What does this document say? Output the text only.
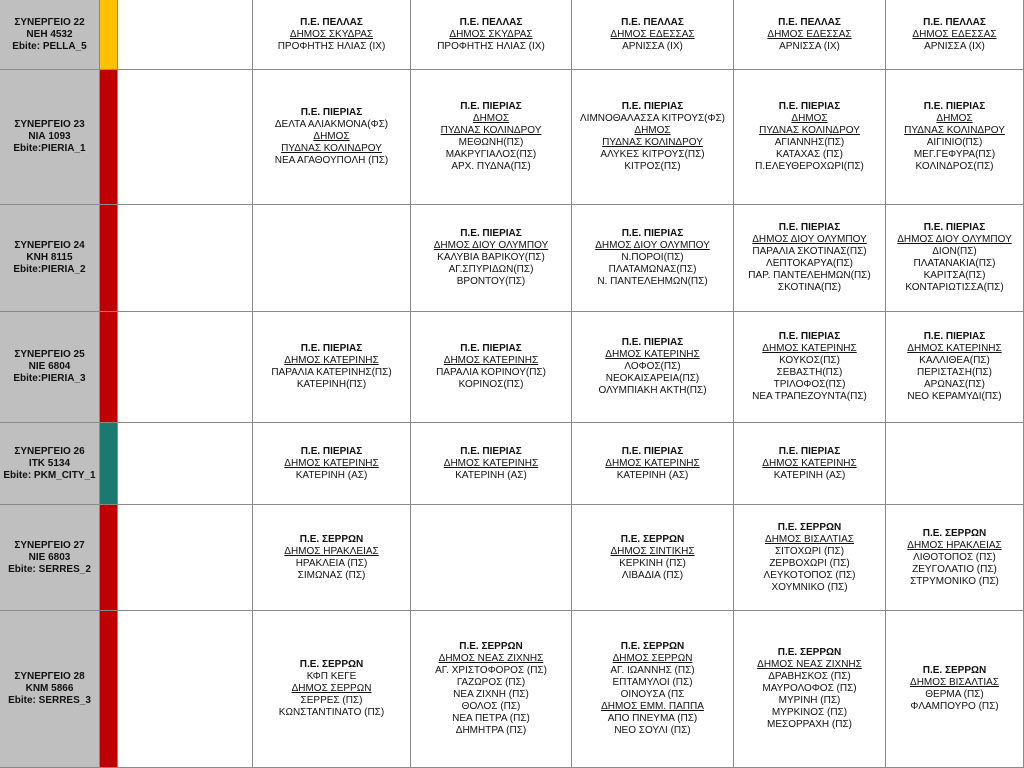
ΣΥΝΕΡΓΕΙΟ 22
ΝΕΗ 4532
Ebite: PELLA_5
Π.Ε. ΠΕΛΛΑΣ
ΔΗΜΟΣ ΣΚΥΔΡΑΣ
ΠΡΟΦΗΤΗΣ ΗΛΙΑΣ (ΙΧ)
Π.Ε. ΠΕΛΛΑΣ
ΔΗΜΟΣ ΣΚΥΔΡΑΣ
ΠΡΟΦΗΤΗΣ ΗΛΙΑΣ (ΙΧ)
Π.Ε. ΠΕΛΛΑΣ
ΔΗΜΟΣ ΕΔΕΣΣΑΣ
ΑΡΝΙΣΣΑ (ΙΧ)
Π.Ε. ΠΕΛΛΑΣ
ΔΗΜΟΣ ΕΔΕΣΣΑΣ
ΑΡΝΙΣΣΑ (ΙΧ)
Π.Ε. ΠΕΛΛΑΣ
ΔΗΜΟΣ ΕΔΕΣΣΑΣ
ΑΡΝΙΣΣΑ (ΙΧ)
ΣΥΝΕΡΓΕΙΟ 23
ΝΙΑ 1093
Ebite:PIERIA_1
Π.Ε. ΠΙΕΡΙΑΣ
ΔΕΛΤΑ ΑΛΙΑΚΜΟΝΑ(ΦΣ)
ΔΗΜΟΣ
ΠΥΔΝΑΣ ΚΟΛΙΝΔΡΟΥ
ΝΕΑ ΑΓΑΘΟΥΠΟΛΗ (ΠΣ)
Π.Ε. ΠΙΕΡΙΑΣ
ΔΗΜΟΣ
ΠΥΔΝΑΣ ΚΟΛΙΝΔΡΟΥ
ΜΕΘΩΝΗ(ΠΣ)
ΜΑΚΡΥΓΙΑΛΟΣ(ΠΣ)
ΑΡΧ. ΠΥΔΝΑ(ΠΣ)
Π.Ε. ΠΙΕΡΙΑΣ
ΛΙΜΝΟΘΑΛΑΣΣΑ ΚΙΤΡΟΥΣ(ΦΣ)
ΔΗΜΟΣ
ΠΥΔΝΑΣ ΚΟΛΙΝΔΡΟΥ
ΑΛΥΚΕΣ ΚΙΤΡΟΥΣ(ΠΣ)
ΚΙΤΡΟΣ(ΠΣ)
Π.Ε. ΠΙΕΡΙΑΣ
ΔΗΜΟΣ
ΠΥΔΝΑΣ ΚΟΛΙΝΔΡΟΥ
ΑΓΙΑΝΝΗΣ(ΠΣ)
ΚΑΤΑΧΑΣ (ΠΣ)
Π.ΕΛΕΥΘΕΡΟΧΩΡΙ(ΠΣ)
Π.Ε. ΠΙΕΡΙΑΣ
ΔΗΜΟΣ
ΠΥΔΝΑΣ ΚΟΛΙΝΔΡΟΥ
ΑΙΓΙΝΙΟ(ΠΣ)
ΜΕΓ.ΓΕΦΥΡΑ(ΠΣ)
ΚΟΛΙΝΔΡΟΣ(ΠΣ)
ΣΥΝΕΡΓΕΙΟ 24
ΚΝΗ 8115
Ebite:PIERIA_2
Π.Ε. ΠΙΕΡΙΑΣ
ΔΗΜΟΣ ΔΙΟΥ ΟΛΥΜΠΟΥ
ΚΑΛΥΒΙΑ ΒΑΡΙΚΟΥ(ΠΣ)
ΑΓ.ΣΠΥΡΙΔΩΝ(ΠΣ)
ΒΡΟΝΤΟΥ(ΠΣ)
Π.Ε. ΠΙΕΡΙΑΣ
ΔΗΜΟΣ ΔΙΟΥ ΟΛΥΜΠΟΥ
Ν.ΠΟΡΟΙ(ΠΣ)
ΠΛΑΤΑΜΩΝΑΣ(ΠΣ)
Ν. ΠΑΝΤΕΛΕΗΜΩΝ(ΠΣ)
Π.Ε. ΠΙΕΡΙΑΣ
ΔΗΜΟΣ ΔΙΟΥ ΟΛΥΜΠΟΥ
ΠΑΡΑΛΙΑ ΣΚΟΤΙΝΑΣ(ΠΣ)
ΛΕΠΤΟΚΑΡΥΑ(ΠΣ)
ΠΑΡ. ΠΑΝΤΕΛΕΗΜΩΝ(ΠΣ)
ΣΚΟΤΙΝΑ(ΠΣ)
Π.Ε. ΠΙΕΡΙΑΣ
ΔΗΜΟΣ ΔΙΟΥ ΟΛΥΜΠΟΥ
ΔΙΟΝ(ΠΣ)
ΠΛΑΤΑΝΑΚΙΑ(ΠΣ)
ΚΑΡΙΤΣΑ(ΠΣ)
ΚΟΝΤΑΡΙΩΤΙΣΣΑ(ΠΣ)
ΣΥΝΕΡΓΕΙΟ 25
ΝΙΕ 6804
Ebite:PIERIA_3
Π.Ε. ΠΙΕΡΙΑΣ
ΔΗΜΟΣ ΚΑΤΕΡΙΝΗΣ
ΠΑΡΑΛΙΑ ΚΑΤΕΡΙΝΗΣ(ΠΣ)
ΚΑΤΕΡΙΝΗ(ΠΣ)
Π.Ε. ΠΙΕΡΙΑΣ
ΔΗΜΟΣ ΚΑΤΕΡΙΝΗΣ
ΠΑΡΑΛΙΑ ΚΟΡΙΝΟΥ(ΠΣ)
ΚΟΡΙΝΟΣ(ΠΣ)
Π.Ε. ΠΙΕΡΙΑΣ
ΔΗΜΟΣ ΚΑΤΕΡΙΝΗΣ
ΛΟΦΟΣ(ΠΣ)
ΝΕΟΚΑΙΣΑΡΕΙΑ(ΠΣ)
ΟΛΥΜΠΙΑΚΗ ΑΚΤΗ(ΠΣ)
Π.Ε. ΠΙΕΡΙΑΣ
ΔΗΜΟΣ ΚΑΤΕΡΙΝΗΣ
ΚΟΥΚΟΣ(ΠΣ)
ΣΕΒΑΣΤΗ(ΠΣ)
ΤΡΙΛΟΦΟΣ(ΠΣ)
ΝΕΑ ΤΡΑΠΕΖΟΥΝΤΑ(ΠΣ)
Π.Ε. ΠΙΕΡΙΑΣ
ΔΗΜΟΣ ΚΑΤΕΡΙΝΗΣ
ΚΑΛΛΙΘΕΑ(ΠΣ)
ΠΕΡΙΣΤΑΣΗ(ΠΣ)
ΑΡΩΝΑΣ(ΠΣ)
ΝΕΟ ΚΕΡΑΜΥΔΙ(ΠΣ)
ΣΥΝΕΡΓΕΙΟ 26
ΙΤΚ 5134
Ebite: PKM_CITY_1
Π.Ε. ΠΙΕΡΙΑΣ
ΔΗΜΟΣ ΚΑΤΕΡΙΝΗΣ
ΚΑΤΕΡΙΝΗ (ΑΣ)
Π.Ε. ΠΙΕΡΙΑΣ
ΔΗΜΟΣ ΚΑΤΕΡΙΝΗΣ
ΚΑΤΕΡΙΝΗ (ΑΣ)
Π.Ε. ΠΙΕΡΙΑΣ
ΔΗΜΟΣ ΚΑΤΕΡΙΝΗΣ
ΚΑΤΕΡΙΝΗ (ΑΣ)
Π.Ε. ΠΙΕΡΙΑΣ
ΔΗΜΟΣ ΚΑΤΕΡΙΝΗΣ
ΚΑΤΕΡΙΝΗ (ΑΣ)
ΣΥΝΕΡΓΕΙΟ 27
ΝΙΕ 6803
Ebite: SERRES_2
Π.Ε. ΣΕΡΡΩΝ
ΔΗΜΟΣ ΗΡΑΚΛΕΙΑΣ
ΗΡΑΚΛΕΙΑ (ΠΣ)
ΣΙΜΩΝΑΣ (ΠΣ)
Π.Ε. ΣΕΡΡΩΝ
ΔΗΜΟΣ ΣΙΝΤΙΚΗΣ
ΚΕΡΚΙΝΗ (ΠΣ)
ΛΙΒΑΔΙΑ (ΠΣ)
Π.Ε. ΣΕΡΡΩΝ
ΔΗΜΟΣ ΒΙΣΑΛΤΙΑΣ
ΣΙΤΟΧΩΡΙ (ΠΣ)
ΖΕΡΒΟΧΩΡΙ (ΠΣ)
ΛΕΥΚΟΤΟΠΟΣ (ΠΣ)
ΧΟΥΜΝΙΚΟ (ΠΣ)
Π.Ε. ΣΕΡΡΩΝ
ΔΗΜΟΣ ΗΡΑΚΛΕΙΑΣ
ΛΙΘΟΤΟΠΟΣ (ΠΣ)
ΖΕΥΓΟΛΑΤΙΟ (ΠΣ)
ΣΤΡΥΜΟΝΙΚΟ (ΠΣ)
ΣΥΝΕΡΓΕΙΟ 28
ΚΝΜ 5866
Ebite: SERRES_3
Π.Ε. ΣΕΡΡΩΝ
ΚΦΠ ΚΕΓΕ
ΔΗΜΟΣ ΣΕΡΡΩΝ
ΣΕΡΡΕΣ (ΠΣ)
ΚΩΝΣΤΑΝΤΙΝΑΤΟ (ΠΣ)
Π.Ε. ΣΕΡΡΩΝ
ΔΗΜΟΣ ΝΕΑΣ ΖΙΧΝΗΣ
ΑΓ. ΧΡΙΣΤΟΦΟΡΟΣ (ΠΣ)
ΓΑΖΩΡΟΣ (ΠΣ)
ΝΕΑ ΖΙΧΝΗ (ΠΣ)
ΘΟΛΟΣ (ΠΣ)
ΝΕΑ ΠΕΤΡΑ (ΠΣ)
ΔΗΜΗΤΡΑ (ΠΣ)
Π.Ε. ΣΕΡΡΩΝ
ΔΗΜΟΣ ΣΕΡΡΩΝ
ΑΓ. ΙΩΑΝΝΗΣ (ΠΣ)
ΕΠΤΑΜΥΛΟΙ (ΠΣ)
ΟΙΝΟΥΣΑ (ΠΣ
ΔΗΜΟΣ ΕΜΜ. ΠΑΠΠΑ
ΑΠΟ ΠΝΕΥΜΑ (ΠΣ)
ΝΕΟ ΣΟΥΛΙ (ΠΣ)
Π.Ε. ΣΕΡΡΩΝ
ΔΗΜΟΣ ΝΕΑΣ ΖΙΧΝΗΣ
ΔΡΑΒΗΣΚΟΣ (ΠΣ)
ΜΑΥΡΟΛΟΦΟΣ (ΠΣ)
ΜΥΡΙΝΗ (ΠΣ)
ΜΥΡΚΙΝΟΣ (ΠΣ)
ΜΕΣΟΡΡΑΧΗ (ΠΣ)
Π.Ε. ΣΕΡΡΩΝ
ΔΗΜΟΣ ΒΙΣΑΛΤΙΑΣ
ΘΕΡΜΑ (ΠΣ)
ΦΛΑΜΠΟΥΡΟ (ΠΣ)
